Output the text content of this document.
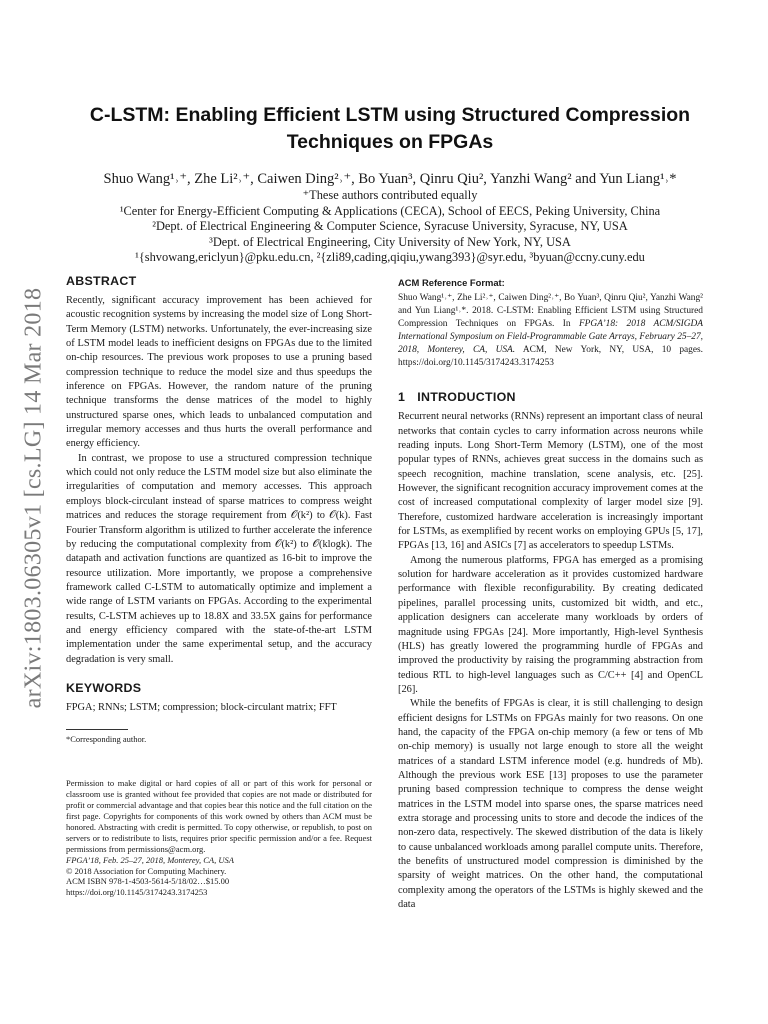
arXiv:1803.06305v1 [cs.LG] 14 Mar 2018
C-LSTM: Enabling Efficient LSTM using Structured Compression
Techniques on FPGAs
Shuo Wang¹˒⁺, Zhe Li²˒⁺, Caiwen Ding²˒⁺, Bo Yuan³, Qinru Qiu², Yanzhi Wang² and Yun Liang¹˒*
⁺These authors contributed equally
¹Center for Energy-Efficient Computing & Applications (CECA), School of EECS, Peking University, China
²Dept. of Electrical Engineering & Computer Science, Syracuse University, Syracuse, NY, USA
³Dept. of Electrical Engineering, City University of New York, NY, USA
¹{shvowang,ericlyun}@pku.edu.cn, ²{zli89,cading,qiqiu,ywang393}@syr.edu, ³byuan@ccny.cuny.edu
ABSTRACT

Recently, significant accuracy improvement has been achieved for acoustic recognition systems by increasing the model size of Long Short-Term Memory (LSTM) networks. Unfortunately, the ever-increasing size of LSTM model leads to inefficient designs on FPGAs due to the limited on-chip resources. The previous work proposes to use a pruning based compression technique to reduce the model size and thus speedups the inference on FPGAs. However, the random nature of the pruning technique transforms the dense matrices of the model to highly unstructured sparse ones, which leads to unbalanced computation and irregular memory accesses and thus hurts the overall performance and energy efficiency.

In contrast, we propose to use a structured compression technique which could not only reduce the LSTM model size but also eliminate the irregularities of computation and memory accesses. This approach employs block-circulant instead of sparse matrices to compress weight matrices and reduces the storage requirement from 𝒪(k²) to 𝒪(k). Fast Fourier Transform algorithm is utilized to further accelerate the inference by reducing the computational complexity from 𝒪(k²) to 𝒪(klogk). The datapath and activation functions are quantized as 16-bit to improve the resource utilization. More importantly, we propose a comprehensive framework called C-LSTM to automatically optimize and implement a wide range of LSTM variants on FPGAs. According to the experimental results, C-LSTM achieves up to 18.8X and 33.5X gains for performance and energy efficiency compared with the state-of-the-art LSTM implementation under the same experimental setup, and the accuracy degradation is very small.

KEYWORDS

FPGA; RNNs; LSTM; compression; block-circulant matrix; FFT

*Corresponding author.

Permission to make digital or hard copies of all or part of this work for personal or classroom use is granted without fee provided that copies are not made or distributed for profit or commercial advantage and that copies bear this notice and the full citation on the first page. Copyrights for components of this work owned by others than ACM must be honored. Abstracting with credit is permitted. To copy otherwise, or republish, to post on servers or to redistribute to lists, requires prior specific permission and/or a fee. Request permissions from permissions@acm.org.

FPGA’18, Feb. 25–27, 2018, Monterey, CA, USA
© 2018 Association for Computing Machinery.
ACM ISBN 978-1-4503-5614-5/18/02…$15.00
https://doi.org/10.1145/3174243.3174253
ACM Reference Format:
Shuo Wang¹˒⁺, Zhe Li²˒⁺, Caiwen Ding²˒⁺, Bo Yuan³, Qinru Qiu², Yanzhi Wang² and Yun Liang¹˒*. 2018. C-LSTM: Enabling Efficient LSTM using Structured Compression Techniques on FPGAs. In FPGA’18: 2018 ACM/SIGDA International Symposium on Field-Programmable Gate Arrays, February 25–27, 2018, Monterey, CA, USA. ACM, New York, NY, USA, 10 pages. https://doi.org/10.1145/3174243.3174253
1 INTRODUCTION

Recurrent neural networks (RNNs) represent an important class of neural networks that contain cycles to carry information across neurons while reading inputs. Long Short-Term Memory (LSTM), one of the most popular types of RNNs, achieves great success in the domains such as speech recognition, machine translation, scene analysis, etc. [25]. However, the significant recognition accuracy improvement comes at the cost of increased computational complexity of larger model size [9]. Therefore, customized hardware acceleration is increasingly important for LSTMs, as exemplified by recent works on employing GPUs [5, 17], FPGAs [13, 16] and ASICs [7] as accelerators to speedup LSTMs.

Among the numerous platforms, FPGA has emerged as a promising solution for hardware acceleration as it provides customized hardware performance with flexible reconfigurability. By creating dedicated pipelines, parallel processing units, customized bit width, and etc., application designers can accelerate many workloads by orders of magnitude using FPGAs [24]. More importantly, High-level Synthesis (HLS) has greatly lowered the programming hurdle of FPGAs and improved the productivity by raising the programming abstraction from tedious RTL to high-level languages such as C/C++ [4] and OpenCL [26].

While the benefits of FPGAs is clear, it is still challenging to design efficient designs for LSTMs on FPGAs mainly for two reasons. On one hand, the capacity of the FPGA on-chip memory (a few or tens of Mb on-chip memory) is usually not large enough to store all the weight matrices of a standard LSTM inference model (e.g. hundreds of Mb). Although the previous work ESE [13] proposes to use the parameter pruning based compression technique to compress the dense weight matrices in the LSTM model into sparse ones, the sparse matrices need extra storage and processing units to store and decode the indices of the non-zero data, respectively. The skewed distribution of the data is likely to cause unbalanced workloads among parallel compute units. Therefore, the benefits of unstructured model compression is diminished by the sparsity of weight matrices. On the other hand, the computational complexity among the operators of the LSTMs is highly skewed and the data
